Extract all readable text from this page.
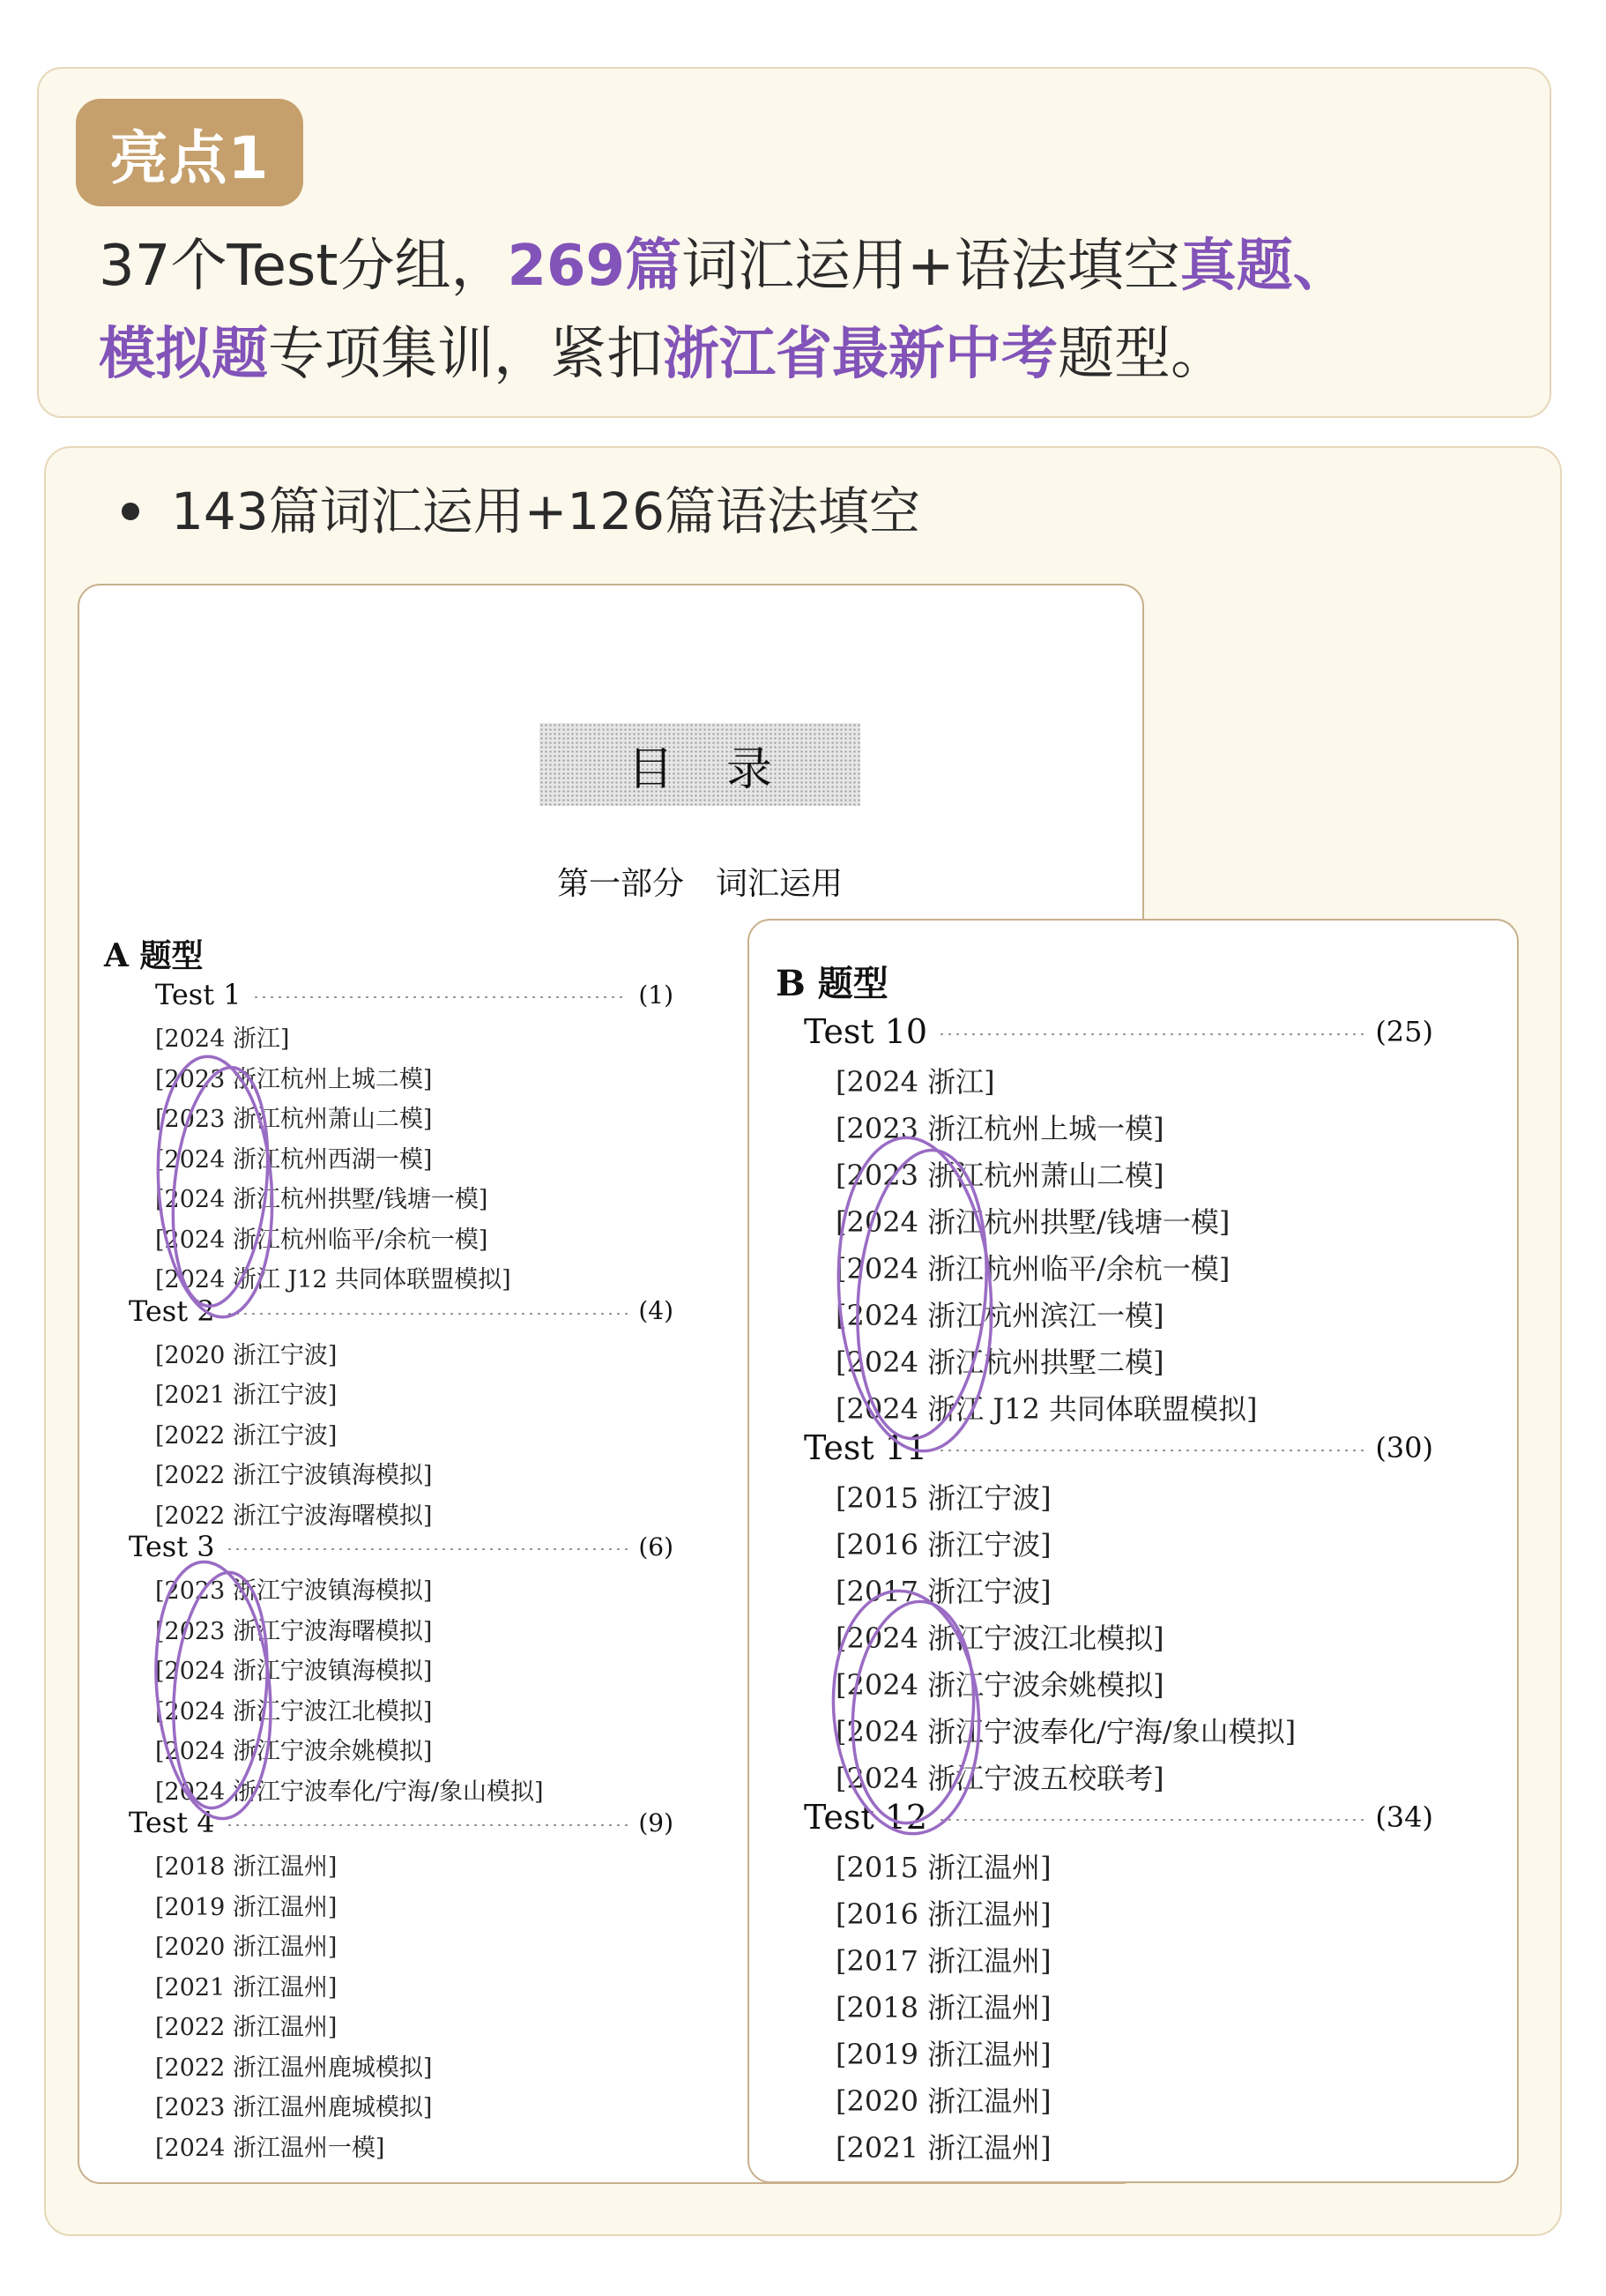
亮点1
37个Test分组，269篇词汇运用+语法填空真题、
模拟题专项集训，紧扣浙江省最新中考题型。
143篇词汇运用+126篇语法填空
目录
第一部分　词汇运用
A 题型
Test 1	(1)
[2024 浙江]
[2023 浙江杭州上城二模]
[2023 浙江杭州萧山二模]
[2024 浙江杭州西湖一模]
[2024 浙江杭州拱墅/钱塘一模]
[2024 浙江杭州临平/余杭一模]
[2024 浙江 J12 共同体联盟模拟]
Test 2	(4)
[2020 浙江宁波]
[2021 浙江宁波]
[2022 浙江宁波]
[2022 浙江宁波镇海模拟]
[2022 浙江宁波海曙模拟]
Test 3	(6)
[2023 浙江宁波镇海模拟]
[2023 浙江宁波海曙模拟]
[2024 浙江宁波镇海模拟]
[2024 浙江宁波江北模拟]
[2024 浙江宁波余姚模拟]
[2024 浙江宁波奉化/宁海/象山模拟]
Test 4	(9)
[2018 浙江温州]
[2019 浙江温州]
[2020 浙江温州]
[2021 浙江温州]
[2022 浙江温州]
[2022 浙江温州鹿城模拟]
[2023 浙江温州鹿城模拟]
[2024 浙江温州一模]
B 题型
Test 10	(25)
[2024 浙江]
[2023 浙江杭州上城一模]
[2023 浙江杭州萧山二模]
[2024 浙江杭州拱墅/钱塘一模]
[2024 浙江杭州临平/余杭一模]
[2024 浙江杭州滨江一模]
[2024 浙江杭州拱墅二模]
[2024 浙江 J12 共同体联盟模拟]
Test 11	(30)
[2015 浙江宁波]
[2016 浙江宁波]
[2017 浙江宁波]
[2024 浙江宁波江北模拟]
[2024 浙江宁波余姚模拟]
[2024 浙江宁波奉化/宁海/象山模拟]
[2024 浙江宁波五校联考]
Test 12	(34)
[2015 浙江温州]
[2016 浙江温州]
[2017 浙江温州]
[2018 浙江温州]
[2019 浙江温州]
[2020 浙江温州]
[2021 浙江温州]
